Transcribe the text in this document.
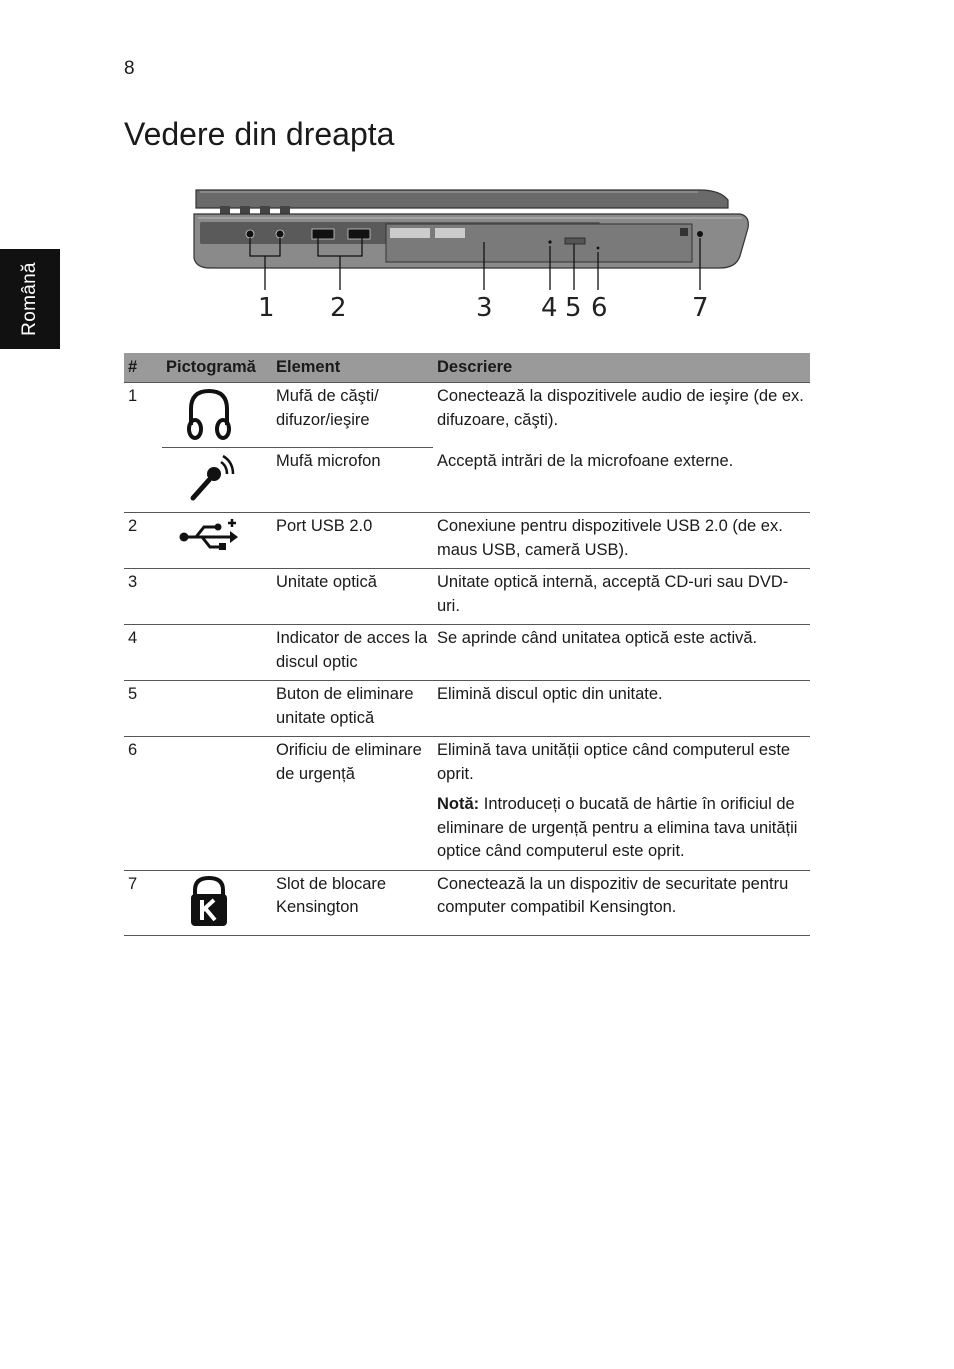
8
Română
Vedere din dreapta
1 2	3 4 5 6	7
#	Pictogramă	Element	Descriere
1		Mufă de căşti/ difuzor/ieşire	Conectează la dispozitivele audio de ieşire (de ex. difuzoare, căşti).

	Mufă microfon	Acceptă intrări de la microfoane externe.
2		Port USB 2.0	Conexiune pentru dispozitivele USB 2.0 (de ex. maus USB, cameră USB).
3		Unitate optică	Unitate optică internă, acceptă CD-uri sau DVD-uri.
4		Indicator de acces la discul optic	Se aprinde când unitatea optică este activă.
5		Buton de eliminare unitate optică	Elimină discul optic din unitate.
6		Orificiu de eliminare de urgență	Elimină tava unității optice când computerul este oprit.

Notă: Introduceți o bucată de hârtie în orificiul de eliminare de urgență pentru a elimina tava unității optice când computerul este oprit.

7		Slot de blocare Kensington	Conectează la un dispozitiv de securitate pentru computer compatibil Kensington.
